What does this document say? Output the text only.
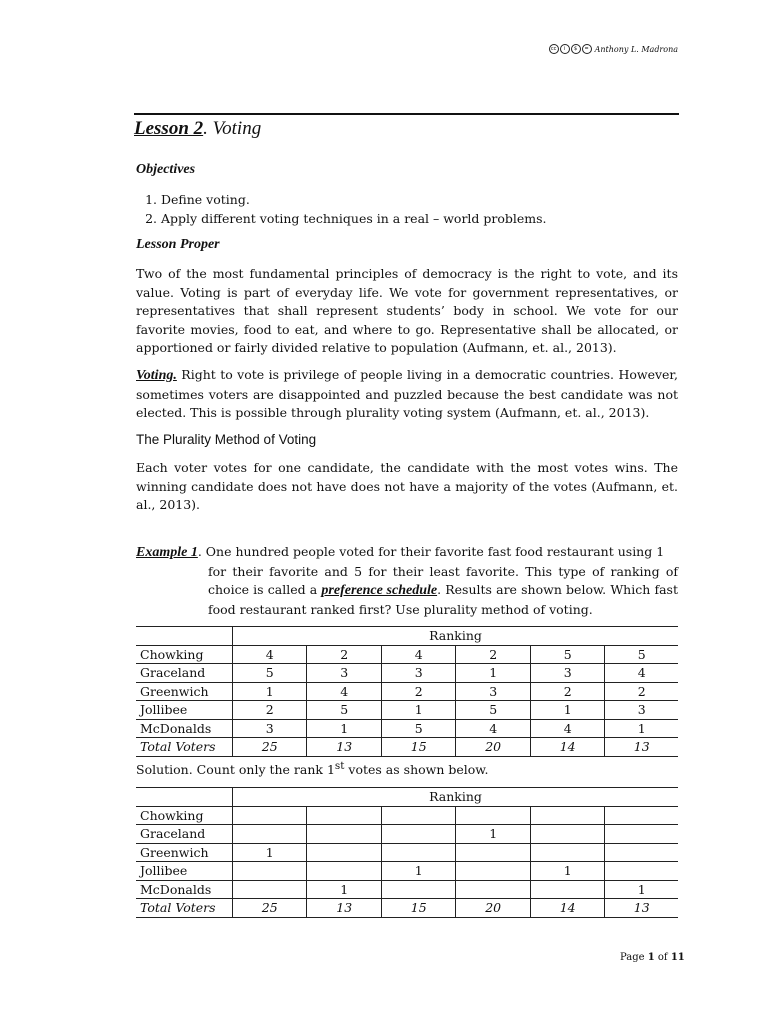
cc	i	$	= Anthony L. Madrona
Lesson 2. Voting
Objectives
1. Define voting.
2. Apply different voting techniques in a real – world problems.
Lesson Proper
Two of the most fundamental principles of democracy is the right to vote, and its value. Voting is part of everyday life. We vote for government representatives, or representatives that shall represent students’ body in school. We vote for our favorite movies, food to eat, and where to go. Representative shall be allocated, or apportioned or fairly divided relative to population (Aufmann, et. al., 2013).
Voting. Right to vote is privilege of people living in a democratic countries. However, sometimes voters are disappointed and puzzled because the best candidate was not elected. This is possible through plurality voting system (Aufmann, et. al., 2013).
The Plurality Method of Voting
Each voter votes for one candidate, the candidate with the most votes wins. The winning candidate does not have does not have a majority of the votes (Aufmann, et. al., 2013).
Example 1. One hundred people voted for their favorite fast food restaurant using 1
for their favorite and 5 for their least favorite. This type of ranking of choice is called a preference schedule. Results are shown below. Which fast food restaurant ranked first? Use plurality method of voting.
	Ranking					
Chowking	4	2	4	2	5	5
Graceland	5	3	3	1	3	4
Greenwich	1	4	2	3	2	2
Jollibee	2	5	1	5	1	3
McDonalds	3	1	5	4	4	1
Total Voters	25	13	15	20	14	13
Solution. Count only the rank 1st votes as shown below.
	Ranking					
Chowking						
Graceland				1		
Greenwich	1					
Jollibee			1		1	
McDonalds		1				1
Total Voters	25	13	15	20	14	13
Page 1 of 11
